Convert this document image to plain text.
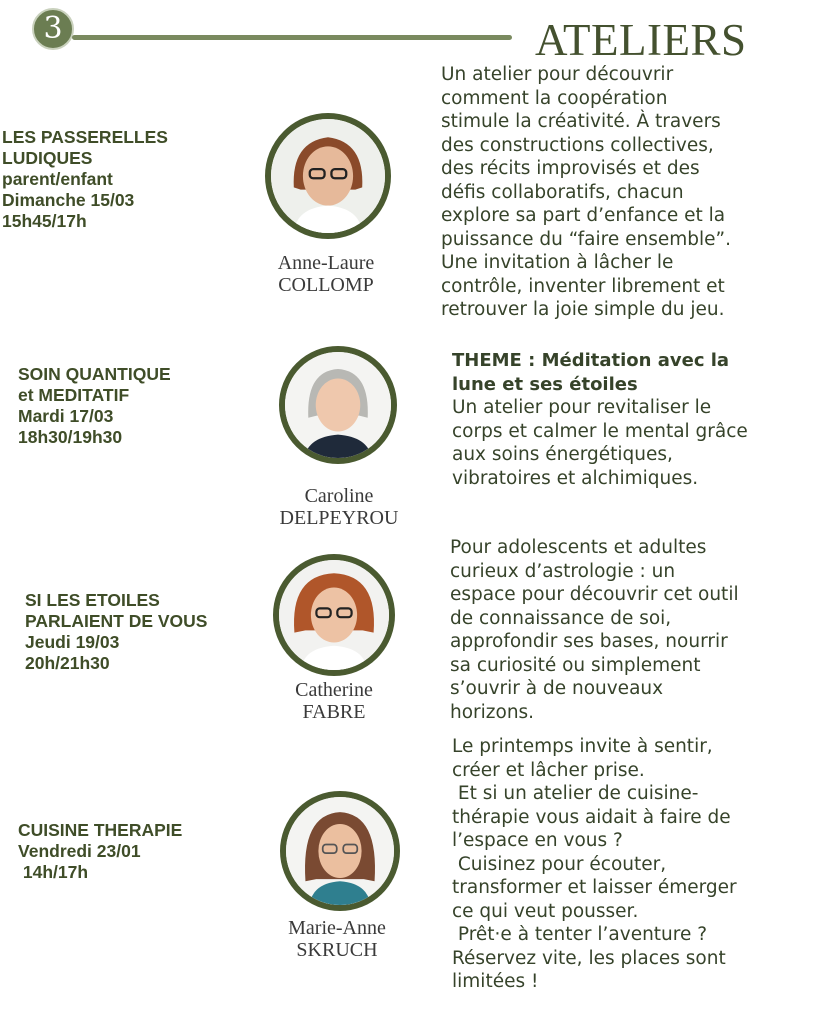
3	ATELIERS
LES PASSERELLES
LUDIQUES
parent/enfant
Dimanche 15/03
15h45/17h
Anne-Laure
COLLOMP
Un atelier pour découvrir
comment la coopération
stimule la créativité. À travers
des constructions collectives,
des récits improvisés et des
défis collaboratifs, chacun
explore sa part d’enfance et la
puissance du “faire ensemble”.
Une invitation à lâcher le
contrôle, inventer librement et
retrouver la joie simple du jeu.
SOIN QUANTIQUE
et MEDITATIF
Mardi 17/03
18h30/19h30
Caroline
DELPEYROU
THEME : Méditation avec la
lune et ses étoiles
Un atelier pour revitaliser le
corps et calmer le mental grâce
aux soins énergétiques,
vibratoires et alchimiques.
SI LES ETOILES
PARLAIENT DE VOUS
Jeudi 19/03
20h/21h30
Catherine
FABRE
Pour adolescents et adultes
curieux d’astrologie : un
espace pour découvrir cet outil
de connaissance de soi,
approfondir ses bases, nourrir
sa curiosité ou simplement
s’ouvrir à de nouveaux
horizons.
CUISINE THERAPIE
Vendredi 23/01
14h/17h
Marie-Anne
SKRUCH
Le printemps invite à sentir,
créer et lâcher prise.
Et si un atelier de cuisine-
thérapie vous aidait à faire de
l’espace en vous ?
Cuisinez pour écouter,
transformer et laisser émerger
ce qui veut pousser.
Prêt·e à tenter l’aventure ?
Réservez vite, les places sont
limitées !
